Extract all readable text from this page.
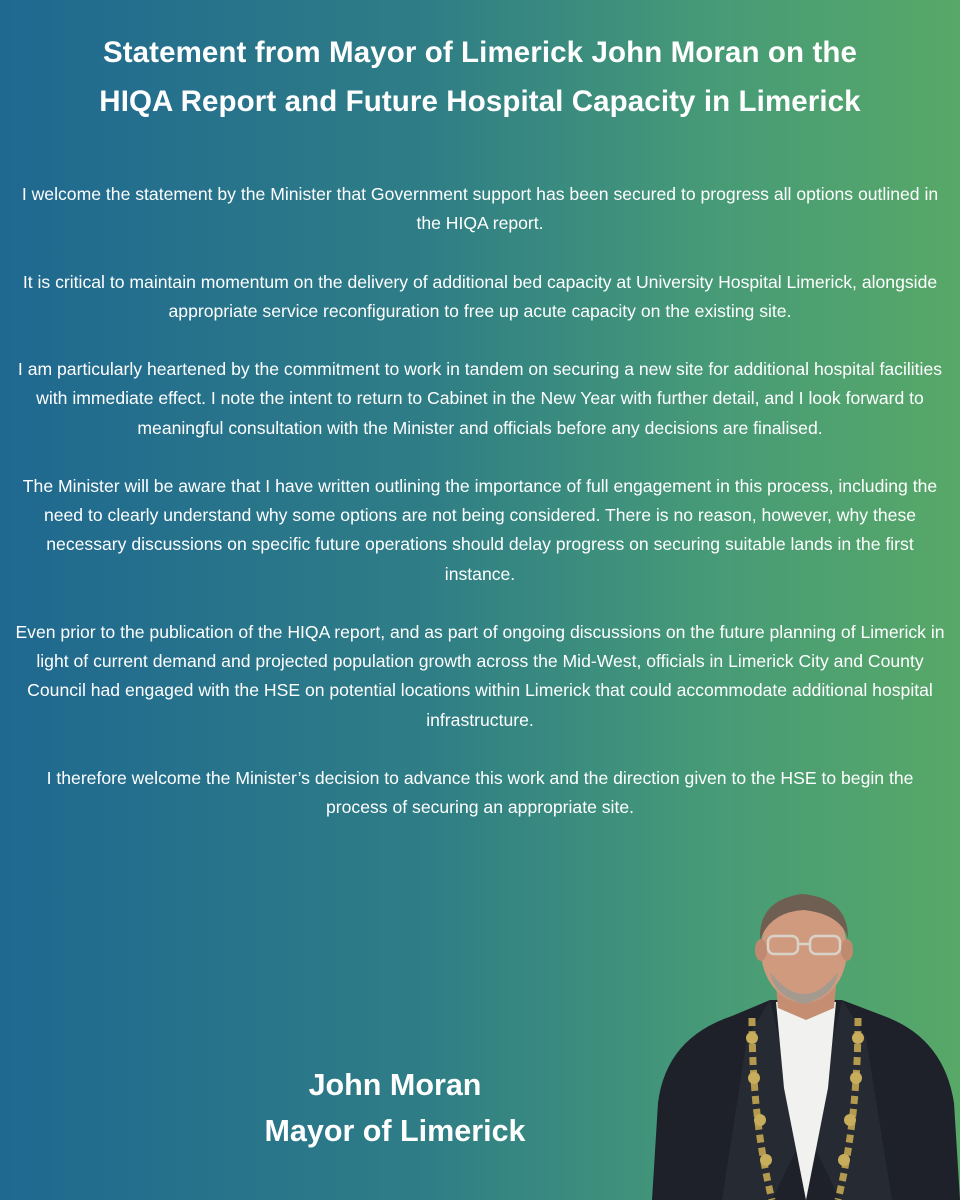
Statement from Mayor of Limerick John Moran on the
HIQA Report and Future Hospital Capacity in Limerick

I welcome the statement by the Minister that Government support has been secured to progress all options outlined in the HIQA report.

It is critical to maintain momentum on the delivery of additional bed capacity at University Hospital Limerick, alongside appropriate service reconfiguration to free up acute capacity on the existing site.

I am particularly heartened by the commitment to work in tandem on securing a new site for additional hospital facilities with immediate effect. I note the intent to return to Cabinet in the New Year with further detail, and I look forward to meaningful consultation with the Minister and officials before any decisions are finalised.

The Minister will be aware that I have written outlining the importance of full engagement in this process, including the need to clearly understand why some options are not being considered. There is no reason, however, why these necessary discussions on specific future operations should delay progress on securing suitable lands in the first instance.

Even prior to the publication of the HIQA report, and as part of ongoing discussions on the future planning of Limerick in light of current demand and projected population growth across the Mid-West, officials in Limerick City and County Council had engaged with the HSE on potential locations within Limerick that could accommodate additional hospital infrastructure.

I therefore welcome the Minister’s decision to advance this work and the direction given to the HSE to begin the process of securing an appropriate site.

John Moran
Mayor of Limerick
